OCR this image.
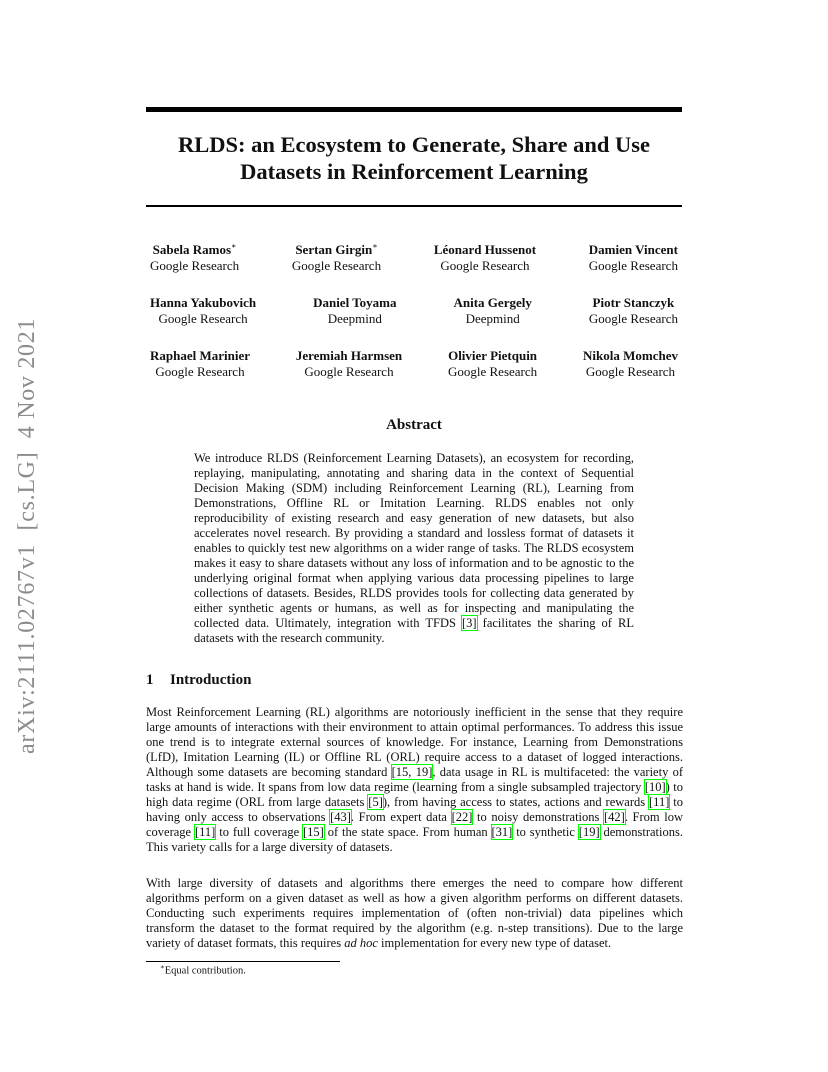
arXiv:2111.02767v1  [cs.LG]  4 Nov 2021
RLDS: an Ecosystem to Generate, Share and Use Datasets in Reinforcement Learning
Sabela Ramos∗
Google Research
Sertan Girgin∗
Google Research
Léonard Hussenot
Google Research
Damien Vincent
Google Research
Hanna Yakubovich
Google Research
Daniel Toyama
Deepmind
Anita Gergely
Deepmind
Piotr Stanczyk
Google Research
Raphael Marinier
Google Research
Jeremiah Harmsen
Google Research
Olivier Pietquin
Google Research
Nikola Momchev
Google Research
Abstract

We introduce RLDS (Reinforcement Learning Datasets), an ecosystem for recording, replaying, manipulating, annotating and sharing data in the context of Sequential Decision Making (SDM) including Reinforcement Learning (RL), Learning from Demonstrations, Offline RL or Imitation Learning. RLDS enables not only reproducibility of existing research and easy generation of new datasets, but also accelerates novel research. By providing a standard and lossless format of datasets it enables to quickly test new algorithms on a wider range of tasks. The RLDS ecosystem makes it easy to share datasets without any loss of information and to be agnostic to the underlying original format when applying various data processing pipelines to large collections of datasets. Besides, RLDS provides tools for collecting data generated by either synthetic agents or humans, as well as for inspecting and manipulating the collected data. Ultimately, integration with TFDS [3] facilitates the sharing of RL datasets with the research community.

1 Introduction

Most Reinforcement Learning (RL) algorithms are notoriously inefficient in the sense that they require large amounts of interactions with their environment to attain optimal performances. To address this issue one trend is to integrate external sources of knowledge. For instance, Learning from Demonstrations (LfD), Imitation Learning (IL) or Offline RL (ORL) require access to a dataset of logged interactions. Although some datasets are becoming standard [15, 19], data usage in RL is multifaceted: the variety of tasks at hand is wide. It spans from low data regime (learning from a single subsampled trajectory [10]) to high data regime (ORL from large datasets [5]), from having access to states, actions and rewards [11] to having only access to observations [43]. From expert data [22] to noisy demonstrations [42]. From low coverage [11] to full coverage [15] of the state space. From human [31] to synthetic [19] demonstrations. This variety calls for a large diversity of datasets.

With large diversity of datasets and algorithms there emerges the need to compare how different algorithms perform on a given dataset as well as how a given algorithm performs on different datasets. Conducting such experiments requires implementation of (often non-trivial) data pipelines which transform the dataset to the format required by the algorithm (e.g. n-step transitions). Due to the large variety of dataset formats, this requires ad hoc implementation for every new type of dataset.

∗Equal contribution.
